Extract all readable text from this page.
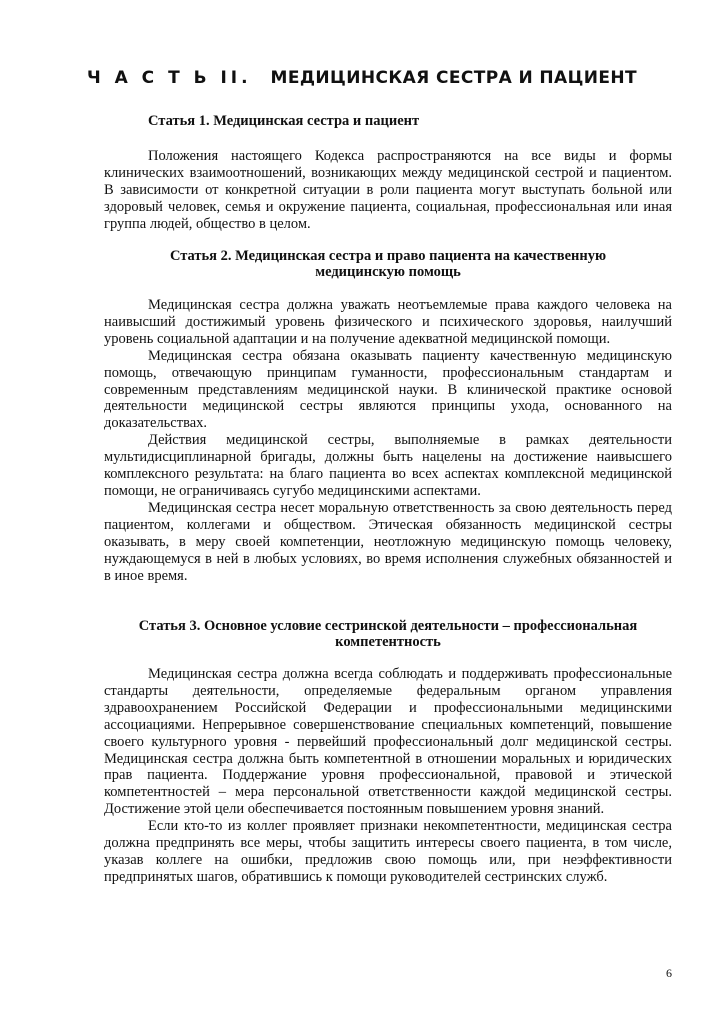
Ч А С Т Ь II. МЕДИЦИНСКАЯ СЕСТРА И ПАЦИЕНТ
Статья 1. Медицинская сестра и пациент

Положения настоящего Кодекса распространяются на все виды и формы клинических взаимоотношений, возникающих между медицинской сестрой и пациентом. В зависимости от конкретной ситуации в роли пациента могут выступать больной или здоровый человек, семья и окружение пациента, социальная, профессиональная или иная группа людей, общество в целом.

Статья 2. Медицинская сестра и право пациента на качественную
медицинскую помощь

Медицинская сестра должна уважать неотъемлемые права каждого человека на наивысший достижимый уровень физического и психического здоровья, наилучший уровень социальной адаптации и на получение адекватной медицинской помощи.

Медицинская сестра обязана оказывать пациенту качественную медицинскую помощь, отвечающую принципам гуманности, профессиональным стандартам и современным представлениям медицинской науки. В клинической практике основой деятельности медицинской сестры являются принципы ухода, основанного на доказательствах.

Действия медицинской сестры, выполняемые в рамках деятельности мультидисциплинарной бригады, должны быть нацелены на достижение наивысшего комплексного результата: на благо пациента во всех аспектах комплексной медицинской помощи, не ограничиваясь сугубо медицинскими аспектами.

Медицинская сестра несет моральную ответственность за свою деятельность перед пациентом, коллегами и обществом. Этическая обязанность медицинской сестры оказывать, в меру своей компетенции, неотложную медицинскую помощь человеку, нуждающемуся в ней в любых условиях, во время исполнения служебных обязанностей и в иное время.

Статья 3. Основное условие сестринской деятельности – профессиональная
компетентность

Медицинская сестра должна всегда соблюдать и поддерживать профессиональные стандарты деятельности, определяемые федеральным органом управления здравоохранением Российской Федерации и профессиональными медицинскими ассоциациями. Непрерывное совершенствование специальных компетенций, повышение своего культурного уровня - первейший профессиональный долг медицинской сестры. Медицинская сестра должна быть компетентной в отношении моральных и юридических прав пациента. Поддержание уровня профессиональной, правовой и этической компетентностей – мера персональной ответственности каждой медицинской сестры. Достижение этой цели обеспечивается постоянным повышением уровня знаний.

Если кто-то из коллег проявляет признаки некомпетентности, медицинская сестра должна предпринять все меры, чтобы защитить интересы своего пациента, в том числе, указав коллеге на ошибки, предложив свою помощь или, при неэффективности предпринятых шагов, обратившись к помощи руководителей сестринских служб.

6
